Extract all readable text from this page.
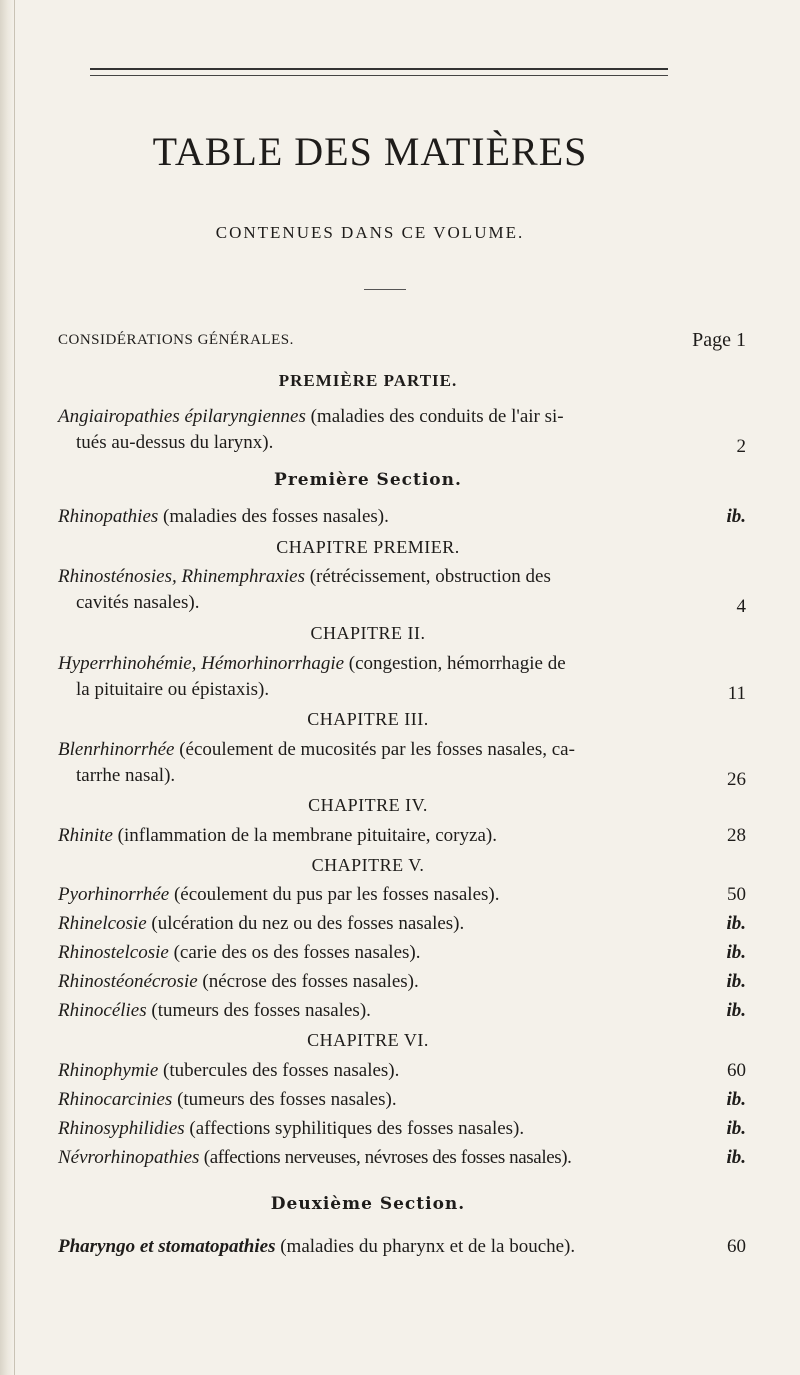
TABLE DES MATIÈRES
CONTENUES DANS CE VOLUME.
CONSIDÉRATIONS GÉNÉRALES.	Page 1
PREMIÈRE PARTIE.
Angiairopathies épilaryngiennes (maladies des conduits de l'air si-
tués au-dessus du larynx).	2
Première Section.
Rhinopathies (maladies des fosses nasales).	ib.
CHAPITRE PREMIER.
Rhinosténosies, Rhinemphraxies (rétrécissement, obstruction des
cavités nasales).	4
CHAPITRE II.
Hyperrhinohémie, Hémorhinorrhagie (congestion, hémorrhagie de
la pituitaire ou épistaxis).	11
CHAPITRE III.
Blenrhinorrhée (écoulement de mucosités par les fosses nasales, ca-
tarrhe nasal).	26
CHAPITRE IV.
Rhinite (inflammation de la membrane pituitaire, coryza).	28
CHAPITRE V.
Pyorhinorrhée (écoulement du pus par les fosses nasales).	50
Rhinelcosie (ulcération du nez ou des fosses nasales).	ib.
Rhinostelcosie (carie des os des fosses nasales).	ib.
Rhinostéonécrosie (nécrose des fosses nasales).	ib.
Rhinocélies (tumeurs des fosses nasales).	ib.
CHAPITRE VI.
Rhinophymie (tubercules des fosses nasales).	60
Rhinocarcinies (tumeurs des fosses nasales).	ib.
Rhinosyphilidies (affections syphilitiques des fosses nasales).	ib.
Névrorhinopathies (affections nerveuses, névroses des fosses nasales).	ib.
Deuxième Section.
Pharyngo et stomatopathies (maladies du pharynx et de la bouche).	60
